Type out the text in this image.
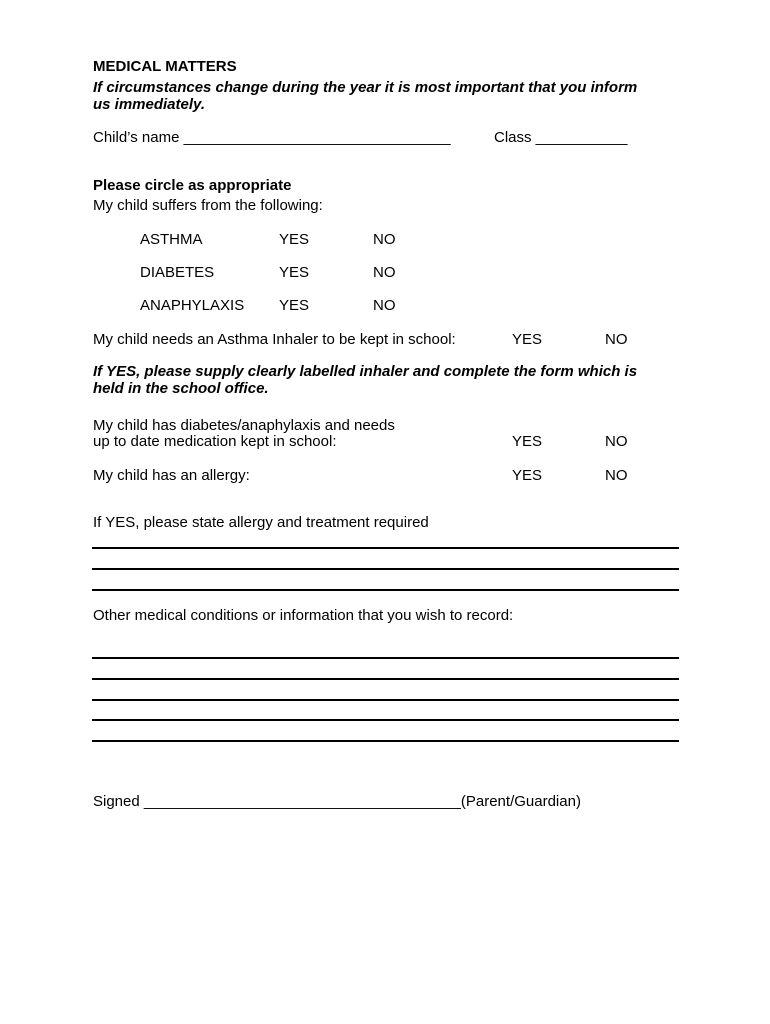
MEDICAL MATTERS
If circumstances change during the year it is most important that you inform
us immediately.
Child’s name ________________________________	Class ___________
Please circle as appropriate
My child suffers from the following:
ASTHMA	YES	NO
DIABETES	YES	NO
ANAPHYLAXIS YES	NO
My child needs an Asthma Inhaler to be kept in school:	YES	NO
If YES, please supply clearly labelled inhaler and complete the form which is
held in the school office.
My child has diabetes/anaphylaxis and needs
up to date medication kept in school:	YES	NO
My child has an allergy:	YES	NO
If YES, please state allergy and treatment required
Other medical conditions or information that you wish to record:
Signed ______________________________________(Parent/Guardian)
